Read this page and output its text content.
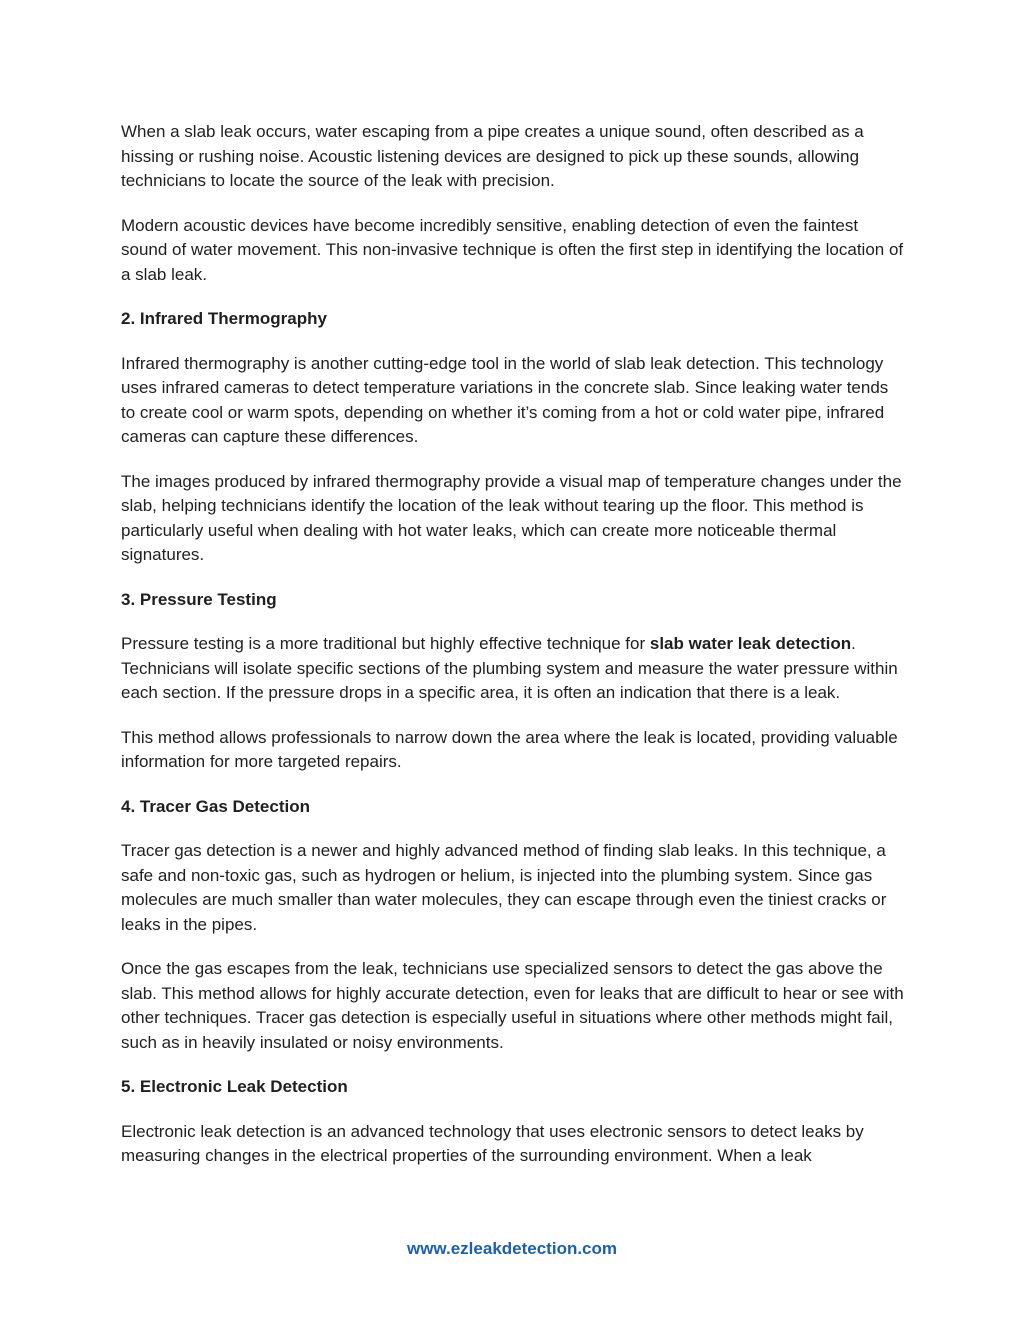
When a slab leak occurs, water escaping from a pipe creates a unique sound, often described as a hissing or rushing noise. Acoustic listening devices are designed to pick up these sounds, allowing technicians to locate the source of the leak with precision.

Modern acoustic devices have become incredibly sensitive, enabling detection of even the faintest sound of water movement. This non-invasive technique is often the first step in identifying the location of a slab leak.

2. Infrared Thermography

Infrared thermography is another cutting-edge tool in the world of slab leak detection. This technology uses infrared cameras to detect temperature variations in the concrete slab. Since leaking water tends to create cool or warm spots, depending on whether it’s coming from a hot or cold water pipe, infrared cameras can capture these differences.

The images produced by infrared thermography provide a visual map of temperature changes under the slab, helping technicians identify the location of the leak without tearing up the floor. This method is particularly useful when dealing with hot water leaks, which can create more noticeable thermal signatures.

3. Pressure Testing

Pressure testing is a more traditional but highly effective technique for slab water leak detection. Technicians will isolate specific sections of the plumbing system and measure the water pressure within each section. If the pressure drops in a specific area, it is often an indication that there is a leak.

This method allows professionals to narrow down the area where the leak is located, providing valuable information for more targeted repairs.

4. Tracer Gas Detection

Tracer gas detection is a newer and highly advanced method of finding slab leaks. In this technique, a safe and non-toxic gas, such as hydrogen or helium, is injected into the plumbing system. Since gas molecules are much smaller than water molecules, they can escape through even the tiniest cracks or leaks in the pipes.

Once the gas escapes from the leak, technicians use specialized sensors to detect the gas above the slab. This method allows for highly accurate detection, even for leaks that are difficult to hear or see with other techniques. Tracer gas detection is especially useful in situations where other methods might fail, such as in heavily insulated or noisy environments.

5. Electronic Leak Detection

Electronic leak detection is an advanced technology that uses electronic sensors to detect leaks by measuring changes in the electrical properties of the surrounding environment. When a leak

www.ezleakdetection.com
